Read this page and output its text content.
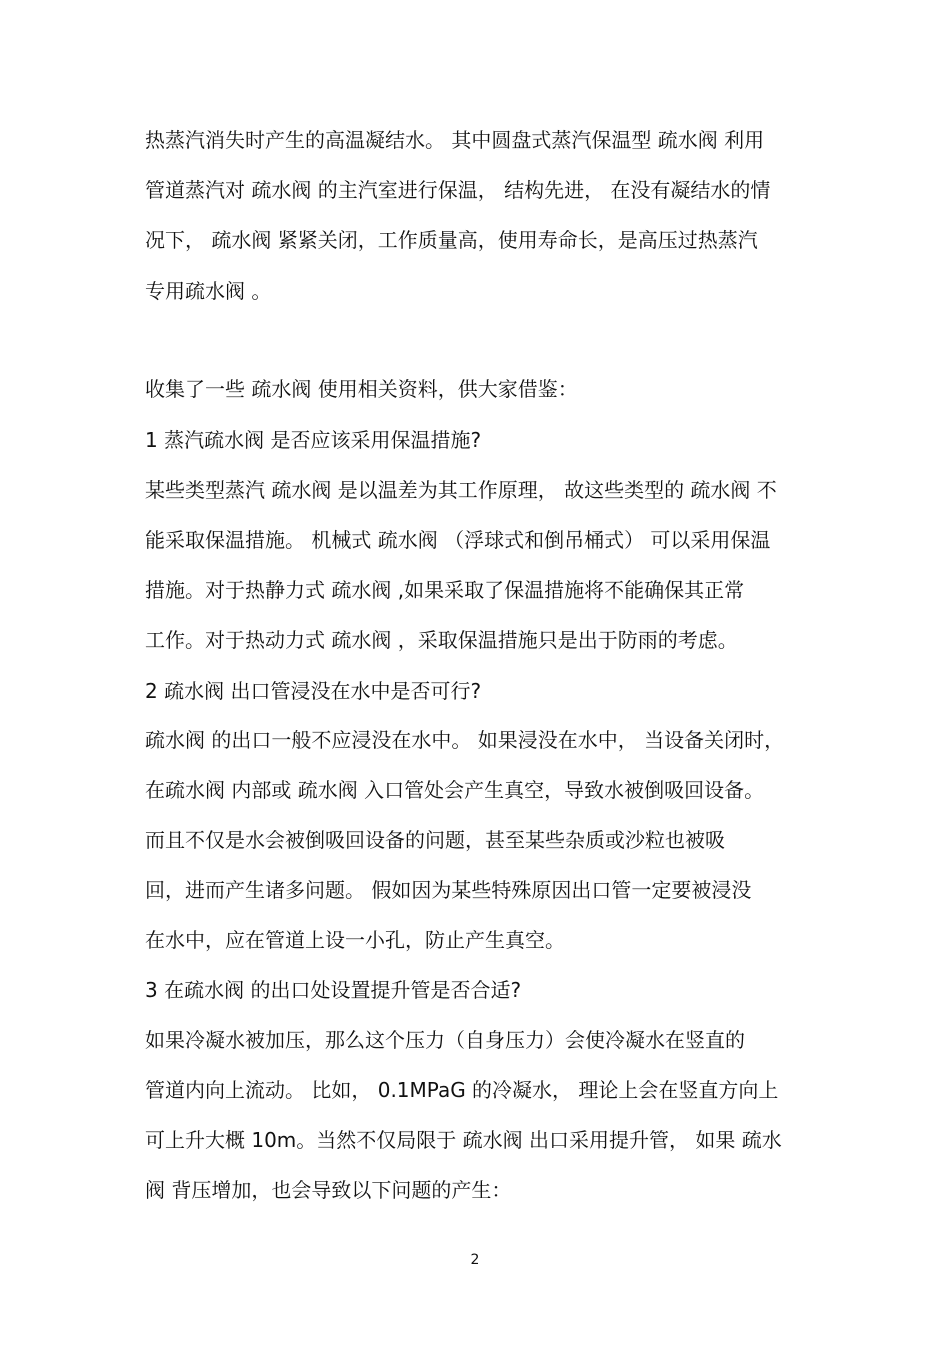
热蒸汽消失时产生的高温凝结水。 其中圆盘式蒸汽保温型 疏水阀 利用
管道蒸汽对 疏水阀 的主汽室进行保温， 结构先进， 在没有凝结水的情
况下， 疏水阀 紧紧关闭，工作质量高，使用寿命长，是高压过热蒸汽
专用疏水阀 。
收集了一些 疏水阀 使用相关资料，供大家借鉴：
1 蒸汽疏水阀 是否应该采用保温措施?
某些类型蒸汽 疏水阀 是以温差为其工作原理， 故这些类型的 疏水阀 不
能采取保温措施。 机械式 疏水阀 （浮球式和倒吊桶式） 可以采用保温
措施。对于热静力式 疏水阀 ,如果采取了保温措施将不能确保其正常
工作。对于热动力式 疏水阀 ，采取保温措施只是出于防雨的考虑。
2 疏水阀 出口管浸没在水中是否可行?
疏水阀 的出口一般不应浸没在水中。 如果浸没在水中， 当设备关闭时，
在疏水阀 内部或 疏水阀 入口管处会产生真空，导致水被倒吸回设备。
而且不仅是水会被倒吸回设备的问题，甚至某些杂质或沙粒也被吸
回，进而产生诸多问题。 假如因为某些特殊原因出口管一定要被浸没
在水中，应在管道上设一小孔，防止产生真空。
3 在疏水阀 的出口处设置提升管是否合适?
如果冷凝水被加压，那么这个压力（自身压力）会使冷凝水在竖直的
管道内向上流动。 比如， 0.1MPaG 的冷凝水， 理论上会在竖直方向上
可上升大概 10m。当然不仅局限于 疏水阀 出口采用提升管， 如果 疏水
阀 背压增加，也会导致以下问题的产生：
2
